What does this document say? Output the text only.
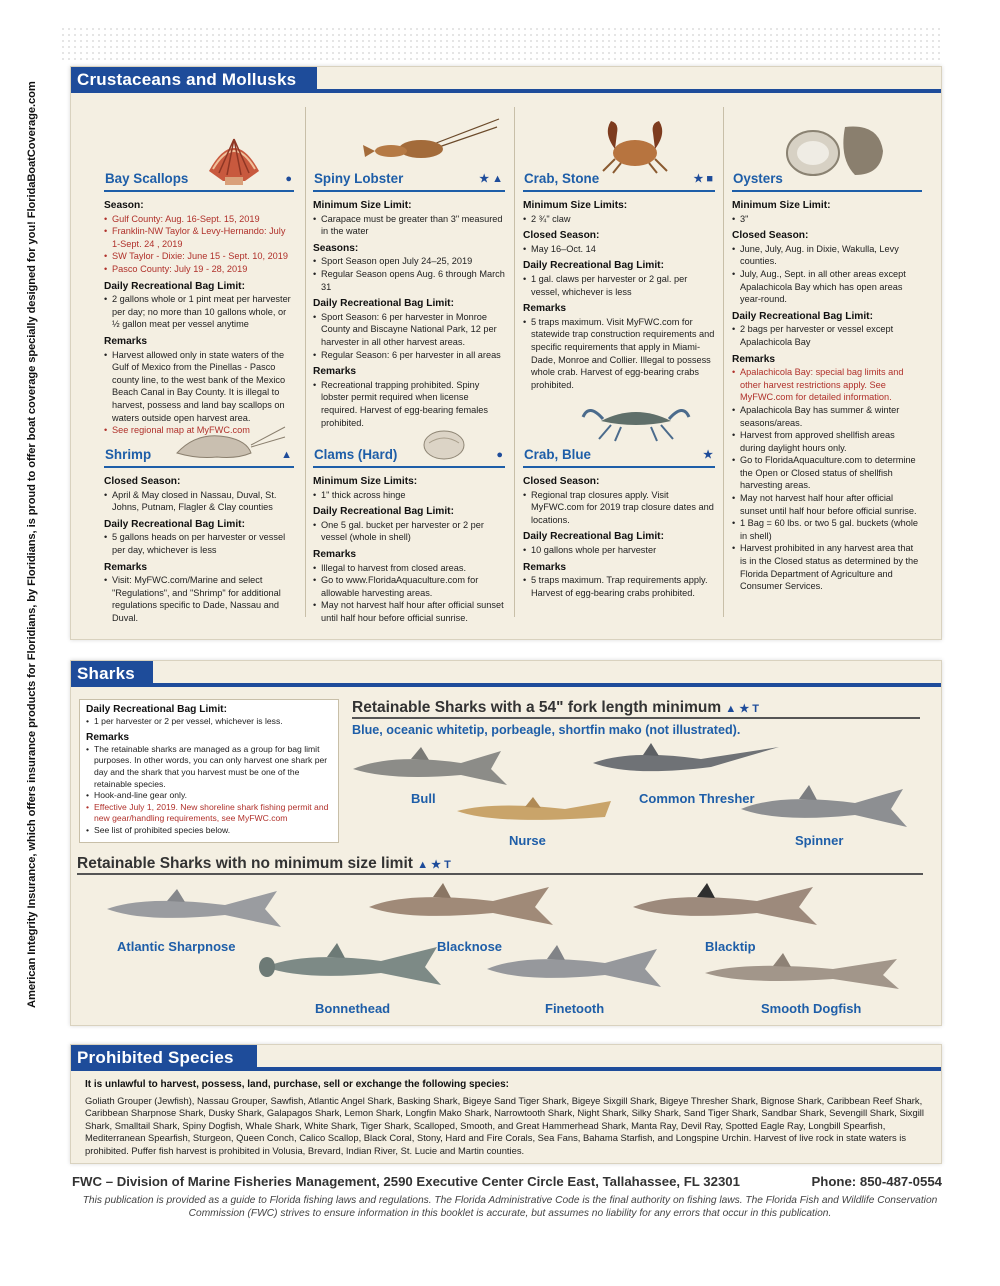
American Integrity Insurance, which offers insurance products for Floridians, by Floridians, is proud to offer boat coverage specially designed for you! FloridaBoatCoverage.com
Crustaceans and Mollusks
Bay Scallops	●
Season:
• Gulf County: Aug. 16-Sept. 15, 2019
• Franklin-NW Taylor & Levy-Hernando: July 1-Sept. 24 , 2019
• SW Taylor - Dixie: June 15 - Sept. 10, 2019
• Pasco County: July 19 - 28, 2019
Daily Recreational Bag Limit:
• 2 gallons whole or 1 pint meat per harvester per day; no more than 10 gallons whole, or ½ gallon meat per vessel anytime
Remarks
• Harvest allowed only in state waters of the Gulf of Mexico from the Pinellas - Pasco county line, to the west bank of the Mexico Beach Canal in Bay County. It is illegal to harvest, possess and land bay scallops on waters outside open harvest area.
• See regional map at MyFWC.com
Spiny Lobster	★ ▲
Minimum Size Limit:
• Carapace must be greater than 3" measured in the water
Seasons:
• Sport Season open July 24–25, 2019
• Regular Season opens Aug. 6 through March 31
Daily Recreational Bag Limit:
• Sport Season: 6 per harvester in Monroe County and Biscayne National Park, 12 per harvester in all other harvest areas.
• Regular Season: 6 per harvester in all areas
Remarks
• Recreational trapping prohibited. Spiny lobster permit required when license required. Harvest of egg-bearing females prohibited.
Crab, Stone	★ ■
Minimum Size Limits:
• 2 ¾" claw
Closed Season:
• May 16–Oct. 14
Daily Recreational Bag Limit:
• 1 gal. claws per harvester or 2 gal. per vessel, whichever is less
Remarks
• 5 traps maximum. Visit MyFWC.com for statewide trap construction requirements and specific requirements that apply in Miami-Dade, Monroe and Collier. Illegal to possess whole crab. Harvest of egg-bearing crabs prohibited.
Oysters
Minimum Size Limit:
• 3"
Closed Season:
• June, July, Aug. in Dixie, Wakulla, Levy counties.
• July, Aug., Sept. in all other areas except Apalachicola Bay which has open areas year-round.
Daily Recreational Bag Limit:
• 2 bags per harvester or vessel except Apalachicola Bay
Remarks
• Apalachicola Bay: special bag limits and other harvest restrictions apply. See MyFWC.com for detailed information.
• Apalachicola Bay has summer & winter seasons/areas.
• Harvest from approved shellfish areas during daylight hours only.
• Go to FloridaAquaculture.com to determine the Open or Closed status of shellfish harvesting areas.
• May not harvest half hour after official sunset until half hour before official sunrise.
• 1 Bag = 60 lbs. or two 5 gal. buckets (whole in shell)
• Harvest prohibited in any harvest area that is in the Closed status as determined by the Florida Department of Agriculture and Consumer Services.
Shrimp	▲
Closed Season:
• April & May closed in Nassau, Duval, St. Johns, Putnam, Flagler & Clay counties
Daily Recreational Bag Limit:
• 5 gallons heads on per harvester or vessel per day, whichever is less
Remarks
• Visit: MyFWC.com/Marine and select "Regulations", and "Shrimp" for additional regulations specific to Dade, Nassau and Duval.
Clams (Hard)	●
Minimum Size Limits:
• 1" thick across hinge
Daily Recreational Bag Limit:
• One 5 gal. bucket per harvester or 2 per vessel (whole in shell)
Remarks
• Illegal to harvest from closed areas.
• Go to www.FloridaAquaculture.com for allowable harvesting areas.
• May not harvest half hour after official sunset until half hour before official sunrise.
Crab, Blue	★
Closed Season:
• Regional trap closures apply. Visit MyFWC.com for 2019 trap closure dates and locations.
Daily Recreational Bag Limit:
• 10 gallons whole per harvester
Remarks
• 5 traps maximum. Trap requirements apply. Harvest of egg-bearing crabs prohibited.
Sharks
Daily Recreational Bag Limit:
• 1 per harvester or 2 per vessel, whichever is less.
Remarks
• The retainable sharks are managed as a group for bag limit purposes. In other words, you can only harvest one shark per day and the shark that you harvest must be one of the retainable species.
• Hook-and-line gear only.
• Effective July 1, 2019. New shoreline shark fishing permit and new gear/handling requirements, see MyFWC.com
• See list of prohibited species below.
Retainable Sharks with a 54" fork length minimum ▲ ★ T
Blue, oceanic whitetip, porbeagle, shortfin mako (not illustrated).
Bull	Common Thresher
Nurse	Spinner
Retainable Sharks with no minimum size limit ▲ ★ T
Atlantic Sharpnose	Blacknose	Blacktip
Bonnethead	Finetooth	Smooth Dogfish
Prohibited Species
It is unlawful to harvest, possess, land, purchase, sell or exchange the following species:
Goliath Grouper (Jewfish), Nassau Grouper, Sawfish, Atlantic Angel Shark, Basking Shark, Bigeye Sand Tiger Shark, Bigeye Sixgill Shark, Bigeye Thresher Shark, Bignose Shark, Caribbean Reef Shark, Caribbean Sharpnose Shark, Dusky Shark, Galapagos Shark, Lemon Shark, Longfin Mako Shark, Narrowtooth Shark, Night Shark, Silky Shark, Sand Tiger Shark, Sandbar Shark, Sevengill Shark, Sixgill Shark, Smalltail Shark, Spiny Dogfish, Whale Shark, White Shark, Tiger Shark, Scalloped, Smooth, and Great Hammerhead Shark, Manta Ray, Devil Ray, Spotted Eagle Ray, Longbill Spearfish, Mediterranean Spearfish, Sturgeon, Queen Conch, Calico Scallop, Black Coral, Stony, Hard and Fire Corals, Sea Fans, Bahama Starfish, and Longspine Urchin. Harvest of live rock in state waters is prohibited. Puffer fish harvest is prohibited in Volusia, Brevard, Indian River, St. Lucie and Martin counties.
FWC – Division of Marine Fisheries Management, 2590 Executive Center Circle East, Tallahassee, FL 32301	Phone: 850-487-0554
This publication is provided as a guide to Florida fishing laws and regulations. The Florida Administrative Code is the final authority on fishing laws. The Florida Fish and Wildlife Conservation Commission (FWC) strives to ensure information in this booklet is accurate, but assumes no liability for any errors that occur in this publication.
